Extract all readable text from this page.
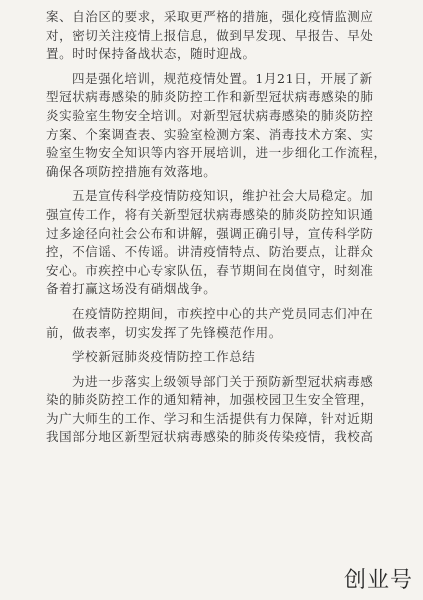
案、自治区的要求，采取更严格的措施，强化疫情监测应
对，密切关注疫情上报信息，做到早发现、早报告、早处
置。时时保持备战状态，随时迎战。
四是强化培训，规范疫情处置。1月21日，开展了新
型冠状病毒感染的肺炎防控工作和新型冠状病毒感染的肺
炎实验室生物安全培训。对新型冠状病毒感染的肺炎防控
方案、个案调查表、实验室检测方案、消毒技术方案、实
验室生物安全知识等内容开展培训，进一步细化工作流程，
确保各项防控措施有效落地。
五是宣传科学疫情防疫知识，维护社会大局稳定。加
强宣传工作，将有关新型冠状病毒感染的肺炎防控知识通
过多途径向社会公布和讲解，强调正确引导，宣传科学防
控，不信谣、不传谣。讲清疫情特点、防治要点，让群众
安心。市疾控中心专家队伍，春节期间在岗值守，时刻准
备着打赢这场没有硝烟战争。
在疫情防控期间，市疾控中心的共产党员同志们冲在
前，做表率，切实发挥了先锋模范作用。
学校新冠肺炎疫情防控工作总结
为进一步落实上级领导部门关于预防新型冠状病毒感
染的肺炎防控工作的通知精神，加强校园卫生安全管理，
为广大师生的工作、学习和生活提供有力保障，针对近期
我国部分地区新型冠状病毒感染的肺炎传染疫情，我校高
创业号
